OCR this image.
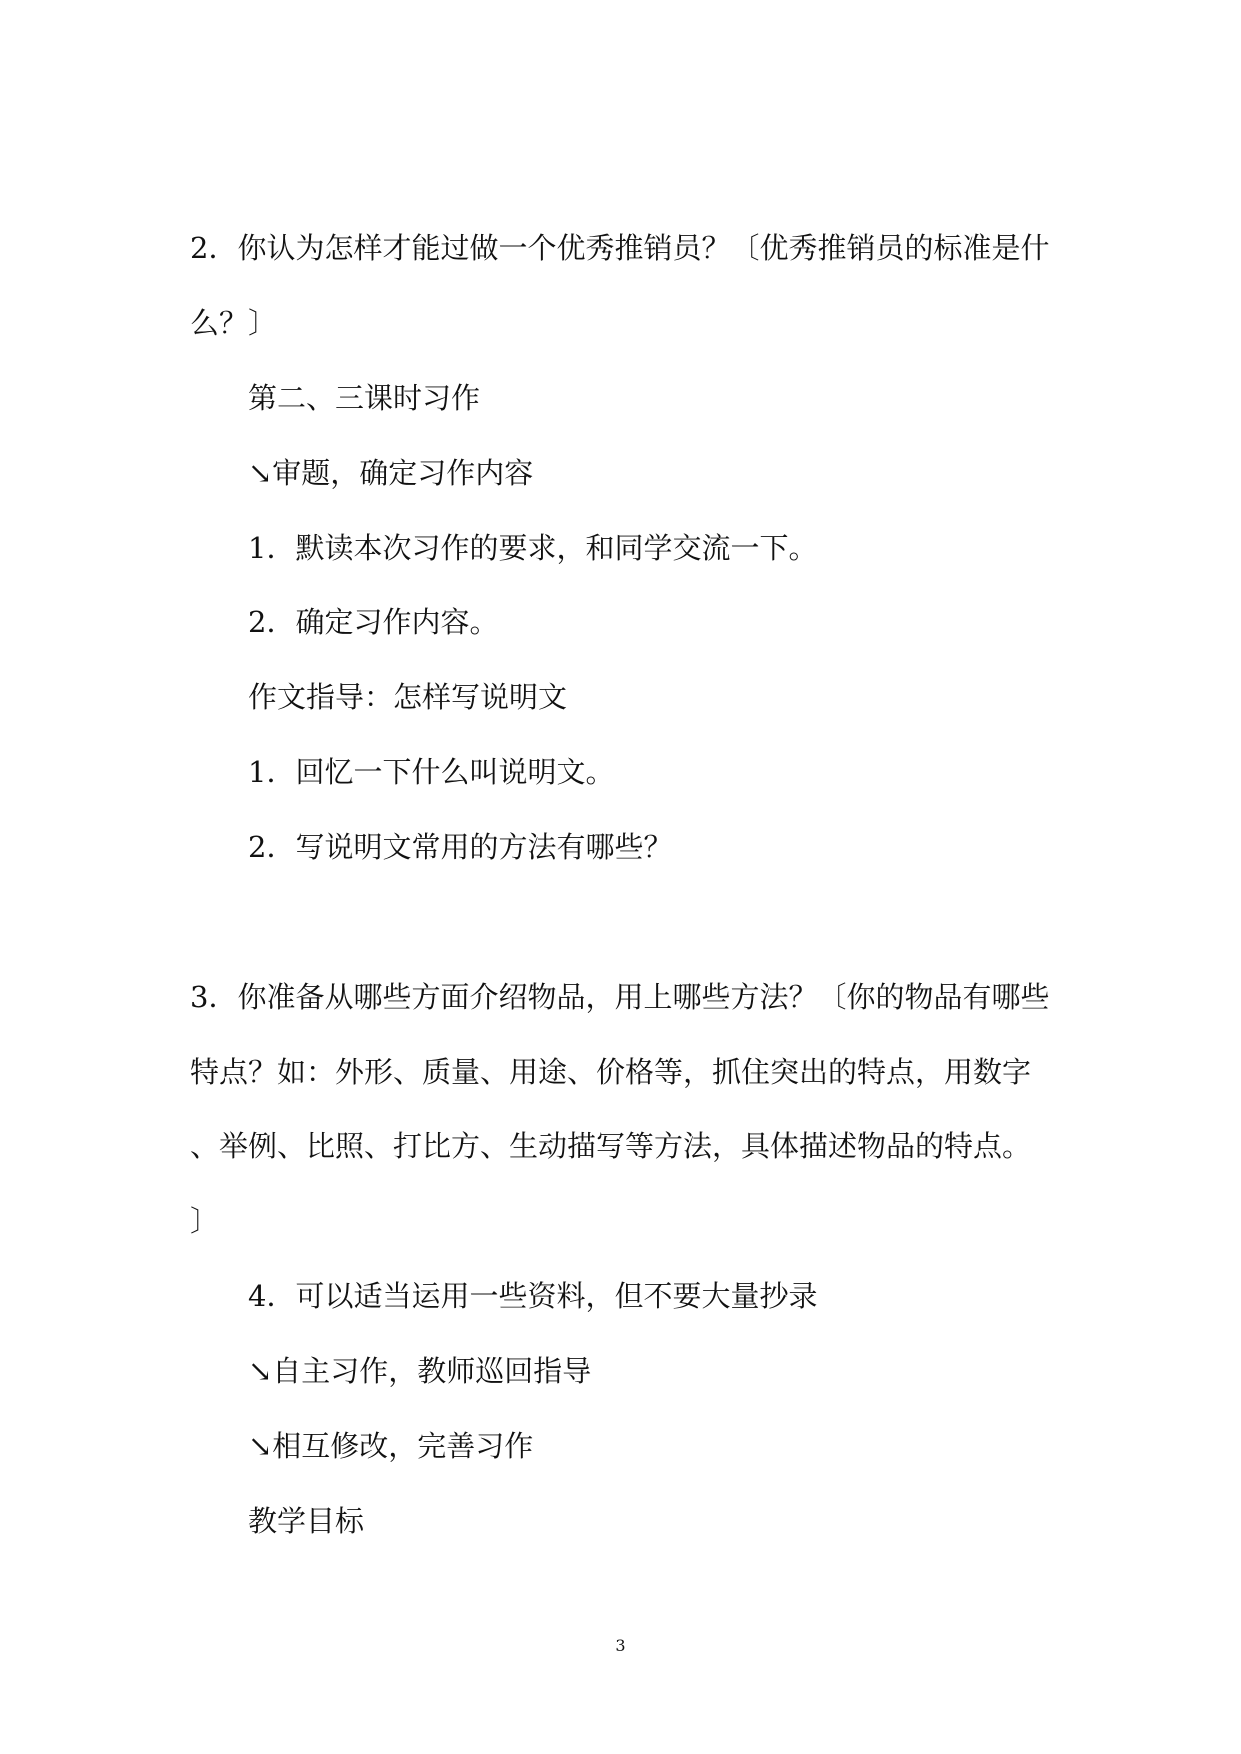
2．你认为怎样才能过做一个优秀推销员？〔优秀推销员的标准是什
么？〕
第二、三课时习作
↘审题，确定习作内容
1．默读本次习作的要求，和同学交流一下。
2．确定习作内容。
作文指导：怎样写说明文
1．回忆一下什么叫说明文。
2．写说明文常用的方法有哪些？
3．你准备从哪些方面介绍物品，用上哪些方法？〔你的物品有哪些
特点？如：外形、质量、用途、价格等，抓住突出的特点，用数字
、举例、比照、打比方、生动描写等方法，具体描述物品的特点。
〕
4．可以适当运用一些资料，但不要大量抄录
↘自主习作，教师巡回指导
↘相互修改，完善习作
教学目标
3
